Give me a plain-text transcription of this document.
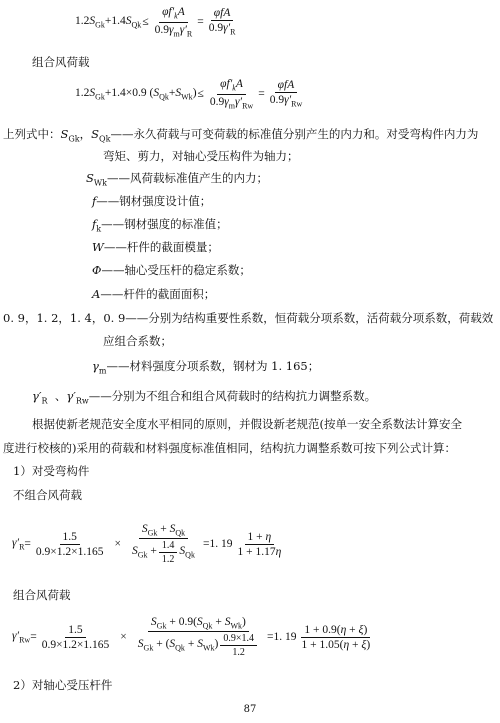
$1.2S_{Gk}+1.4S_{Qk} \le \frac{\varphi f'_kA}{0.9\gamma_m\gamma'_R} = \frac{\text{φfA}}{0.9\gamma'_R}$
组合风荷载
$1.2S_{Gk}+1.4\times 0.9$ $(S_{Qk}+S_{Wk}) \le \frac{\varphi f'_kA}{0.9\gamma_m\gamma'_{Rw}} = \frac{\text{φfA}}{0.9\gamma'_{Rw}}$
上列式中：$S_{Gk}$，$S_{Qk}——$永久荷载与可变荷载的标准值分别产生的内力和。对受弯构件内力为
弯矩、剪力，对轴心受压构件为轴力；
$S_{Wk}——$风荷载标准值产生的内力；
f——钢材强度设计值；
$f_k——$钢材强度的标准值；
W——杆件的截面模量；
Φ——轴心受压杆的稳定系数；
A——杆件的截面面积；
0. 9，1. 2，1. 4，0. 9——分别为结构重要性系数，恒荷载分项系数，活荷载分项系数，荷载效
应组合系数；
$\gamma_m——$材料强度分项系数，钢材为 1. 165；
$\gamma'_R$  、$\gamma'_{Rw}——$分别为不组合和组合风荷载时的结构抗力调整系数。
根据使新老规范安全度水平相同的原则，并假设新老规范(按单一安全系数法计算安全
度进行校核的)采用的荷载和材料强度标准值相同，结构抗力调整系数可按下列公式计算：
1）对受弯构件
不组合风荷载
$\gamma'_R = \frac{1.5}{0.9\times 1.2\times 1.165} \times \frac{S_{Gk} + S_{Qk}}{S_{Gk} + \frac{1.4}{1.2} S_{Qk}} =1$. $19 \frac{1 + \eta}{1 + 1.17\eta}$
组合风荷载
$\gamma'_{Rw} = \frac{1.5}{0.9\times 1.2\times 1.165} \times \frac{S_{Gk} + 0.9(S_{Qk} + S_{Wk})}{S_{Gk} + (S_{Qk} + S_{Wk}) \frac{0.9\times 1.4}{1.2}} =1$. $19 \frac{1 + 0.9(\eta + \xi)}{1 + 1.05(\eta + \xi)}$
2）对轴心受压杆件
87
